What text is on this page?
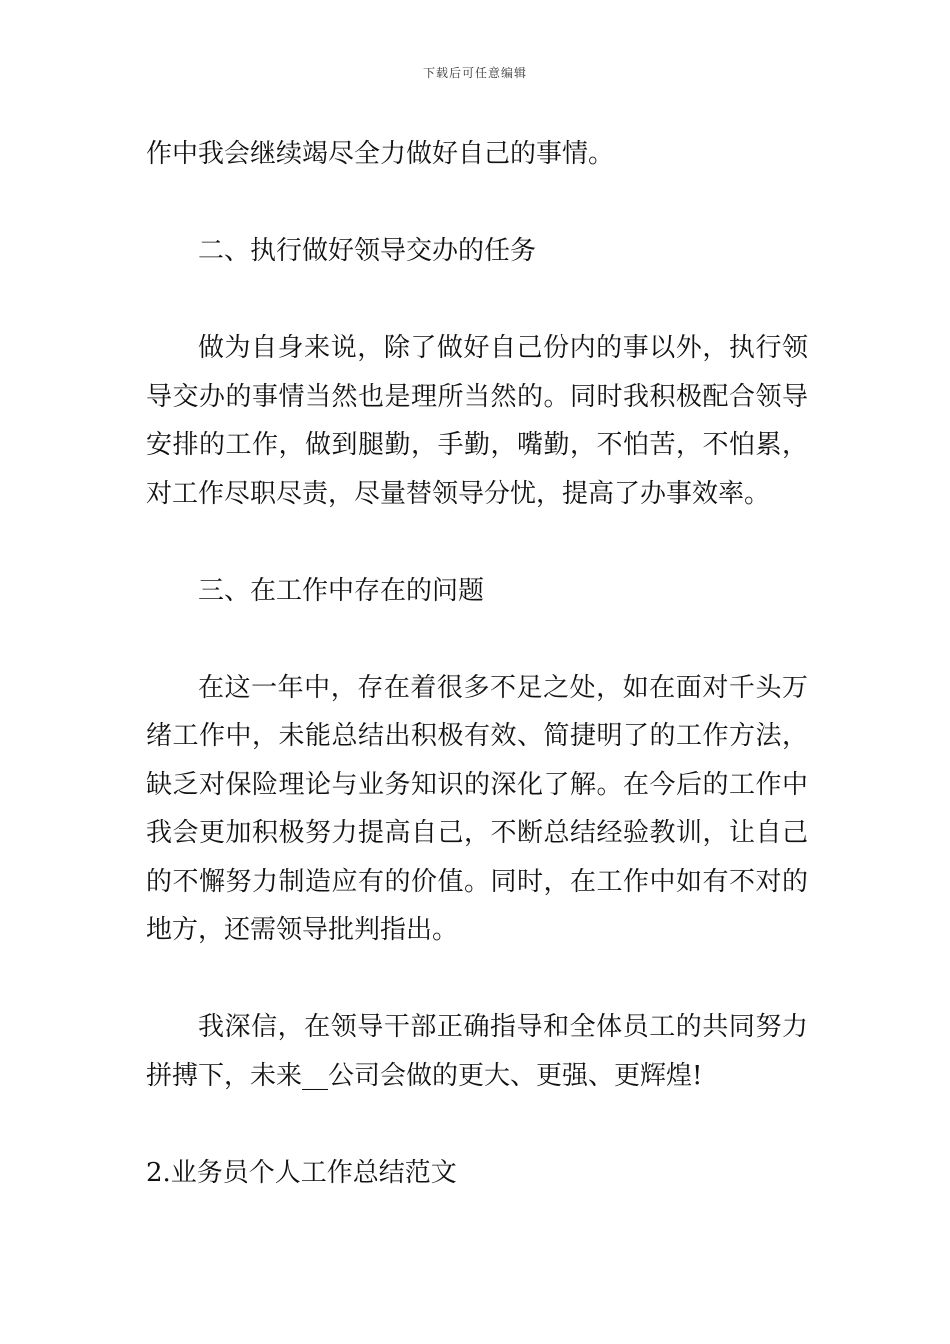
下载后可任意编辑

作中我会继续竭尽全力做好自己的事情。

二、执行做好领导交办的任务

做为自身来说，除了做好自己份内的事以外，执行领导交办的事情当然也是理所当然的。同时我积极配合领导安排的工作，做到腿勤，手勤，嘴勤，不怕苦，不怕累，对工作尽职尽责，尽量替领导分忧，提高了办事效率。

三、在工作中存在的问题

在这一年中，存在着很多不足之处，如在面对千头万绪工作中，未能总结出积极有效、简捷明了的工作方法，缺乏对保险理论与业务知识的深化了解。在今后的工作中我会更加积极努力提高自己，不断总结经验教训，让自己的不懈努力制造应有的价值。同时，在工作中如有不对的地方，还需领导批判指出。

我深信，在领导干部正确指导和全体员工的共同努力拼搏下，未来__公司会做的更大、更强、更辉煌!

2.业务员个人工作总结范文
